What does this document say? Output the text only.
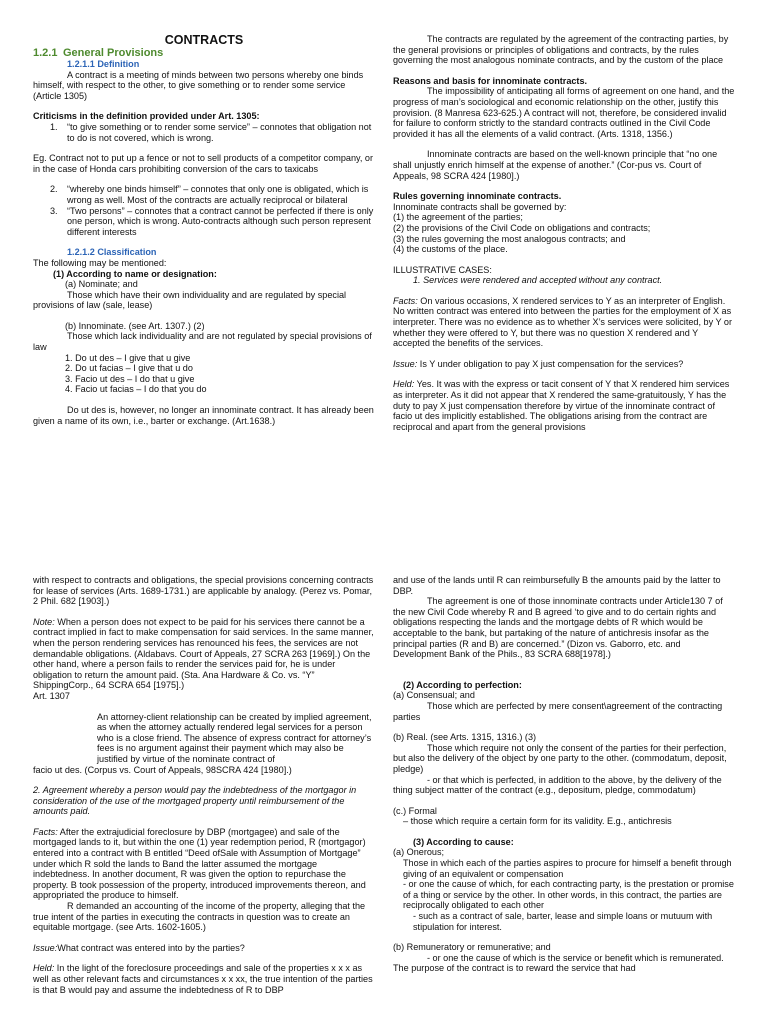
CONTRACTS

1.2.1 General Provisions

1.2.1.1 Definition

A contract is a meeting of minds between two persons whereby one binds himself, with respect to the other, to give something or to render some service (Article 1305)

Criticisms in the definition provided under Art. 1305:

1. “to give something or to render some service” – connotes that obligation not to do is not covered, which is wrong.

Eg. Contract not to put up a fence or not to sell products of a competitor company, or in the case of Honda cars prohibiting conversion of the cars to taxicabs

2. “whereby one binds himself” – connotes that only one is obligated, which is wrong as well. Most of the contracts are actually reciprocal or bilateral
3. “Two persons” – connotes that a contract cannot be perfected if there is only one person, which is wrong. Auto-contracts although such person represent different interests

1.2.1.2 Classification

The following may be mentioned:

(1) According to name or designation:

(a) Nominate; and

Those which have their own individuality and are regulated by special provisions of law (sale, lease)

(b) Innominate. (see Art. 1307.) (2)

Those which lack individuality and are not regulated by special provisions of law

1. Do ut des – I give that u give

2. Do ut facias – I give that u do

3. Facio ut des – I do that u give

4. Facio ut facias – I do that you do

Do ut des is, however, no longer an innominate contract. It has already been given a name of its own, i.e., barter or exchange. (Art.1638.)

The contracts are regulated by the agreement of the contracting parties, by the general provisions or principles of obligations and contracts, by the rules governing the most analogous nominate contracts, and by the custom of the place

Reasons and basis for innominate contracts.

The impossibility of anticipating all forms of agreement on one hand, and the progress of man’s sociological and economic relationship on the other, justify this provision. (8 Manresa 623-625.) A contract will not, therefore, be considered invalid for failure to conform strictly to the standard contracts outlined in the Civil Code provided it has all the elements of a valid contract. (Arts. 1318, 1356.)

Innominate contracts are based on the well-known principle that “no one shall unjustly enrich himself at the expense of another.” (Cor-pus vs. Court of Appeals, 98 SCRA 424 [1980].)

Rules governing innominate contracts.

Innominate contracts shall be governed by:

(1) the agreement of the parties;

(2) the provisions of the Civil Code on obligations and contracts;

(3) the rules governing the most analogous contracts; and

(4) the customs of the place.

ILLUSTRATIVE CASES:

1. Services were rendered and accepted without any contract.

Facts: On various occasions, X rendered services to Y as an interpreter of English. No written contract was entered into between the parties for the employment of X as interpreter. There was no evidence as to whether X’s services were solicited, by Y or whether they were offered to Y, but there was no question X rendered and Y accepted the benefits of the services.

Issue: Is Y under obligation to pay X just compensation for the services?

Held: Yes. It was with the express or tacit consent of Y that X rendered him services as interpreter. As it did not appear that X rendered the same-gratuitously, Y has the duty to pay X just compensation therefore by virtue of the innominate contract of facio ut des implicitly established. The obligations arising from the contract are reciprocal and apart from the general provisions

with respect to contracts and obligations, the special provisions concerning contracts for lease of services (Arts. 1689-1731.) are applicable by analogy. (Perez vs. Pomar, 2 Phil. 682 [1903].)

Note: When a person does not expect to be paid for his services there cannot be a contract implied in fact to make compensation for said services. In the same manner, when the person rendering services has renounced his fees, the services are not demandable obligations. (Aldabavs. Court of Appeals, 27 SCRA 263 [1969].) On the other hand, where a person fails to render the services paid for, he is under obligation to return the amount paid. (Sta. Ana Hardware & Co. vs. “Y” ShippingCorp., 64 SCRA 654 [1975].)

Art. 1307

An attorney-client relationship can be created by implied agreement, as when the attorney actually rendered legal services for a person who is a close friend. The absence of express contract for attorney’s fees is no argument against their payment which may also be justified by virtue of the nominate contract of

facio ut des. (Corpus vs. Court of Appeals, 98SCRA 424 [1980].)

2. Agreement whereby a person would pay the indebtedness of the mortgagor in consideration of the use of the mortgaged property until reimbursement of the amounts paid.

Facts: After the extrajudicial foreclosure by DBP (mortgagee) and sale of the mortgaged lands to it, but within the one (1) year redemption period, R (mortgagor) entered into a contract with B entitled “Deed ofSale with Assumption of Mortgage” under which R sold the lands to Band the latter assumed the mortgage indebtedness. In another document, R was given the option to repurchase the property. B took possession of the property, introduced improvements thereon, and appropriated the produce to himself.

R demanded an accounting of the income of the property, alleging that the true intent of the parties in executing the contracts in question was to create an equitable mortgage. (see Arts. 1602-1605.)

Issue:What contract was entered into by the parties?

Held: In the light of the foreclosure proceedings and sale of the properties x x x as well as other relevant facts and circumstances x x xx, the true intention of the parties is that B would pay and assume the indebtedness of R to DBP

and use of the lands until R can reimbursefully B the amounts paid by the latter to DBP.

The agreement is one of those innominate contracts under Article130 7 of the new Civil Code whereby R and B agreed ‘to give and to do certain rights and obligations respecting the lands and the mortgage debts of R which would be acceptable to the bank, but partaking of the nature of antichresis insofar as the principal parties (R and B) are concerned.” (Dizon vs. Gaborro, etc. and Development Bank of the Phils., 83 SCRA 688[1978].)

(2) According to perfection:

(a) Consensual; and

Those which are perfected by mere consent\agreement of the contracting parties

(b) Real. (see Arts. 1315, 1316.) (3)

Those which require not only the consent of the parties for their perfection, but also the delivery of the object by one party to the other. (commodatum, deposit, pledge)

- or that which is perfected, in addition to the above, by the delivery of the thing subject matter of the contract (e.g., depositum, pledge, commodatum)

(c.) Formal

– those which require a certain form for its validity. E.g., antichresis

(3) According to cause:

(a) Onerous;

Those in which each of the parties aspires to procure for himself a benefit through giving of an equivalent or compensation

- or one the cause of which, for each contracting party, is the prestation or promise of a thing or service by the other. In other words, in this contract, the parties are reciprocally obligated to each other

- such as a contract of sale, barter, lease and simple loans or mutuum with stipulation for interest.

(b) Remuneratory or remunerative; and

- or one the cause of which is the service or benefit which is remunerated. The purpose of the contract is to reward the service that had
